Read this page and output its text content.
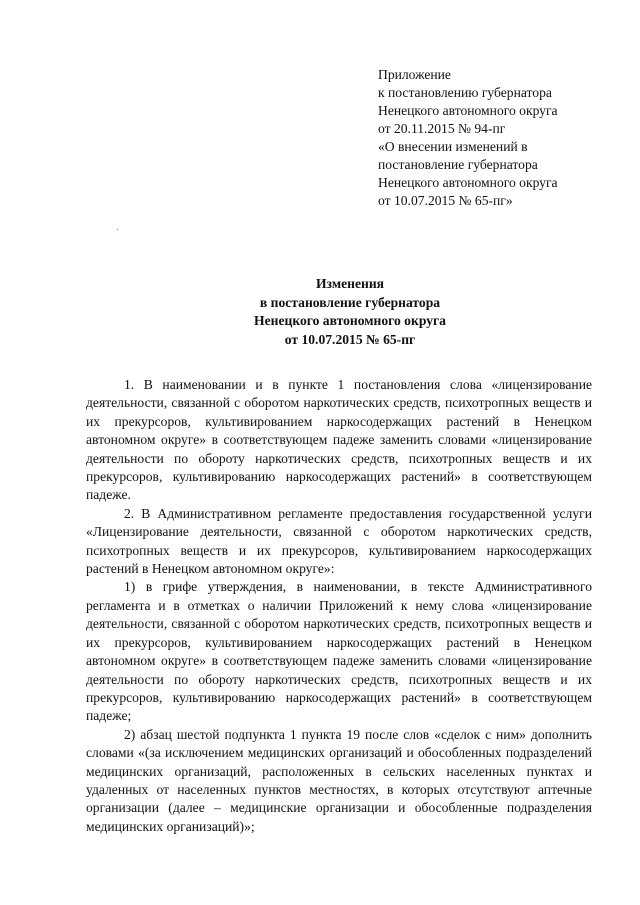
Приложение
к постановлению губернатора
Ненецкого автономного округа
от 20.11.2015 № 94-пг
«О внесении изменений в
постановление губернатора
Ненецкого автономного округа
от 10.07.2015 № 65-пг»
Изменения
в постановление губернатора
Ненецкого автономного округа
от 10.07.2015 № 65-пг

1. В наименовании и в пункте 1 постановления слова «лицензирование деятельности, связанной с оборотом наркотических средств, психотропных веществ и их прекурсоров, культивированием наркосодержащих растений в Ненецком автономном округе» в соответствующем падеже заменить словами «лицензирование деятельности по обороту наркотических средств, психотропных веществ и их прекурсоров, культивированию наркосодержащих растений» в соответствующем падеже.

2. В Административном регламенте предоставления государственной услуги «Лицензирование деятельности, связанной с оборотом наркотических средств, психотропных веществ и их прекурсоров, культивированием наркосодержащих растений в Ненецком автономном округе»:

1) в грифе утверждения, в наименовании, в тексте Административного регламента и в отметках о наличии Приложений к нему слова «лицензирование деятельности, связанной с оборотом наркотических средств, психотропных веществ и их прекурсоров, культивированием наркосодержащих растений в Ненецком автономном округе» в соответствующем падеже заменить словами «лицензирование деятельности по обороту наркотических средств, психотропных веществ и их прекурсоров, культивированию наркосодержащих растений» в соответствующем падеже;

2) абзац шестой подпункта 1 пункта 19 после слов «сделок с ним» дополнить словами «(за исключением медицинских организаций и обособленных подразделений медицинских организаций, расположенных в сельских населенных пунктах и удаленных от населенных пунктов местностях, в которых отсутствуют аптечные организации (далее – медицинские организации и обособленные подразделения медицинских организаций)»;
